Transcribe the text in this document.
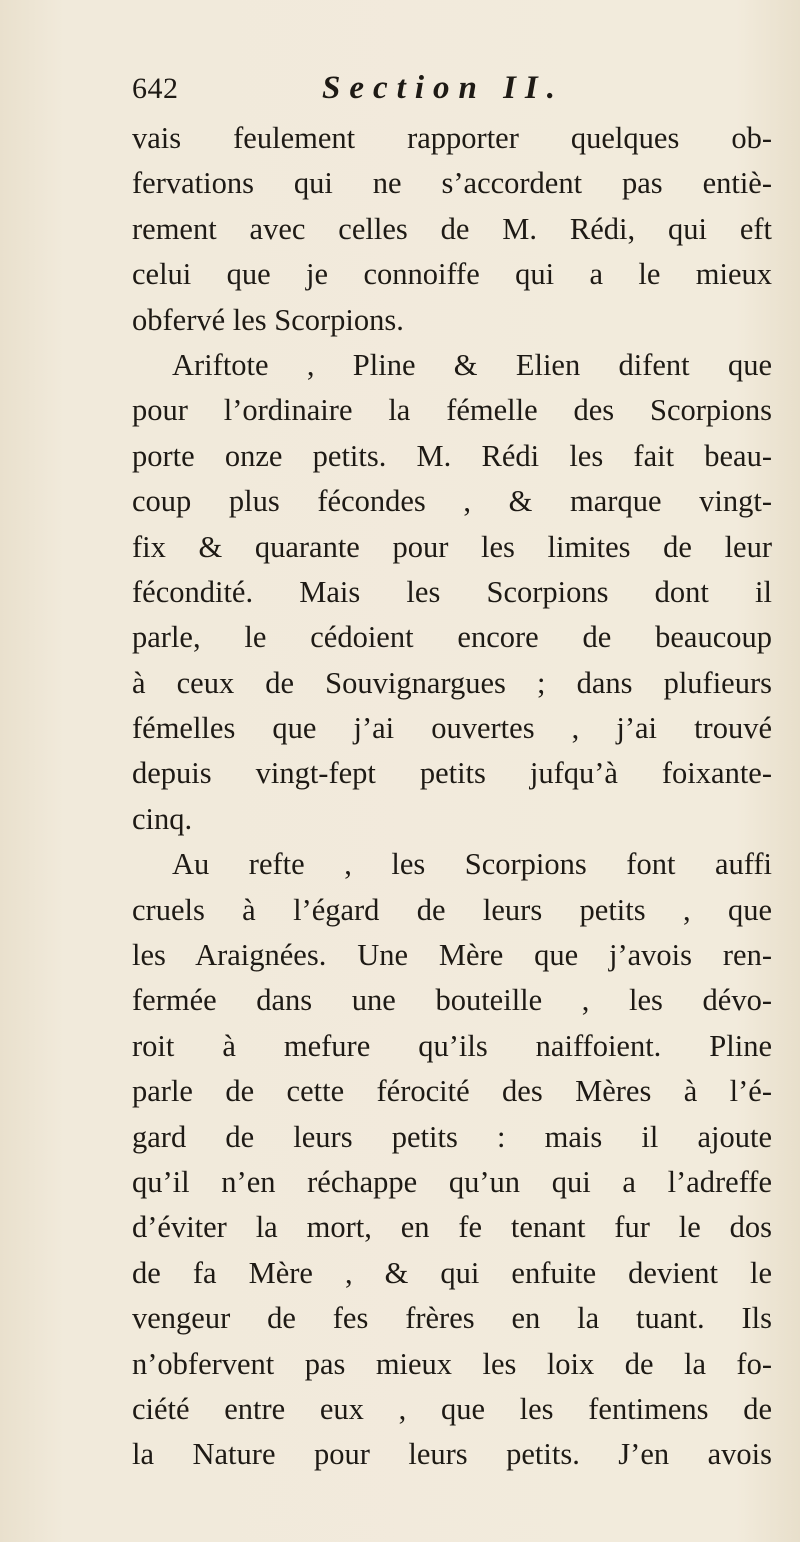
642	Section II.
vais feulement rapporter quelques ob-
fervations qui ne s’accordent pas entiè-
rement avec celles de M. Rédi, qui eft
celui que je connoiffe qui a le mieux
obfervé les Scorpions.
Ariftote , Pline & Elien difent que
pour l’ordinaire la fémelle des Scorpions
porte onze petits. M. Rédi les fait beau-
coup plus fécondes , & marque vingt-
fix & quarante pour les limites de leur
fécondité. Mais les Scorpions dont il
parle, le cédoient encore de beaucoup
à ceux de Souvignargues ; dans plufieurs
fémelles que j’ai ouvertes , j’ai trouvé
depuis vingt-fept petits jufqu’à foixante-
cinq.
Au refte , les Scorpions font auffi
cruels à l’égard de leurs petits , que
les Araignées. Une Mère que j’avois ren-
fermée dans une bouteille , les dévo-
roit à mefure qu’ils naiffoient. Pline
parle de cette férocité des Mères à l’é-
gard de leurs petits : mais il ajoute
qu’il n’en réchappe qu’un qui a l’adreffe
d’éviter la mort, en fe tenant fur le dos
de fa Mère , & qui enfuite devient le
vengeur de fes frères en la tuant. Ils
n’obfervent pas mieux les loix de la fo-
ciété entre eux , que les fentimens de
la Nature pour leurs petits. J’en avois
